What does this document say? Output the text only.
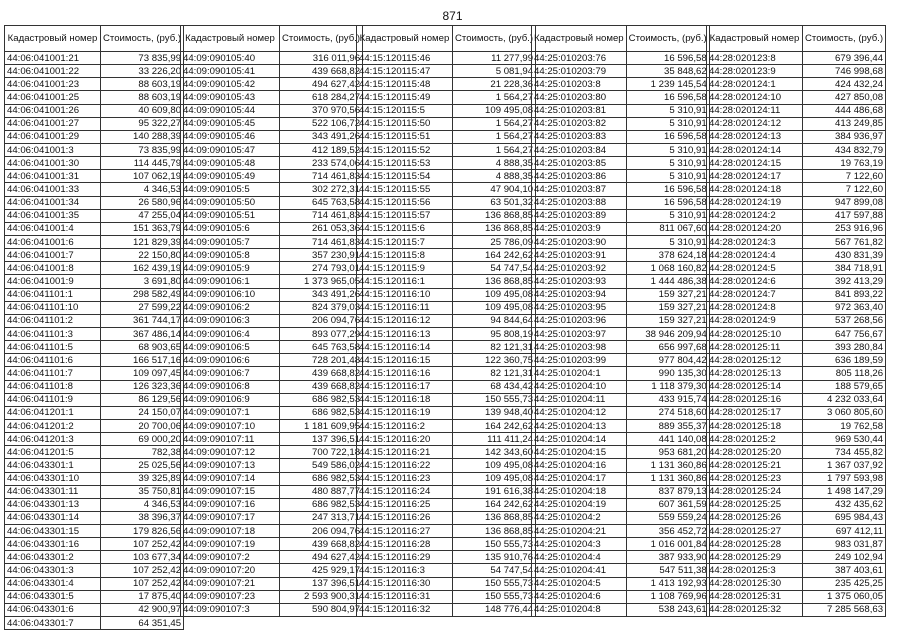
871
Кадастровый номер	Стоимость, (руб.)
44:06:041001:21	73 835,99
44:06:041001:22	33 226,20
44:06:041001:23	88 603,19
44:06:041001:25	88 603,19
44:06:041001:26	40 609,80
44:06:041001:27	95 322,27
44:06:041001:29	140 288,39
44:06:041001:3	73 835,99
44:06:041001:30	114 445,79
44:06:041001:31	107 062,19
44:06:041001:33	4 346,53
44:06:041001:34	26 580,96
44:06:041001:35	47 255,04
44:06:041001:4	151 363,79
44:06:041001:6	121 829,39
44:06:041001:7	22 150,80
44:06:041001:8	162 439,19
44:06:041001:9	3 691,80
44:06:041101:1	298 582,49
44:06:041101:10	27 599,22
44:06:041101:2	361 744,17
44:06:041101:3	367 486,14
44:06:041101:5	68 903,65
44:06:041101:6	166 517,16
44:06:041101:7	109 097,45
44:06:041101:8	126 323,36
44:06:041101:9	86 129,56
44:06:041201:1	24 150,07
44:06:041201:2	20 700,06
44:06:041201:3	69 000,20
44:06:041201:5	782,38
44:06:043301:1	25 025,56
44:06:043301:10	39 325,89
44:06:043301:11	35 750,81
44:06:043301:13	4 346,53
44:06:043301:14	38 396,37
44:06:043301:15	179 826,56
44:06:043301:16	107 252,42
44:06:043301:2	103 677,34
44:06:043301:3	107 252,42
44:06:043301:4	107 252,42
44:06:043301:5	17 875,40
44:06:043301:6	42 900,97
44:06:043301:7	64 351,45
Кадастровый номер	Стоимость, (руб.)
44:09:090105:40	316 011,96
44:09:090105:41	439 668,82
44:09:090105:42	494 627,42
44:09:090105:43	618 284,27
44:09:090105:44	370 970,56
44:09:090105:45	522 106,72
44:09:090105:46	343 491,26
44:09:090105:47	412 189,52
44:09:090105:48	233 574,06
44:09:090105:49	714 461,83
44:09:090105:5	302 272,31
44:09:090105:50	645 763,58
44:09:090105:51	714 461,83
44:09:090105:6	261 053,36
44:09:090105:7	714 461,83
44:09:090105:8	357 230,91
44:09:090105:9	274 793,01
44:09:090106:1	1 373 965,05
44:09:090106:10	343 491,26
44:09:090106:2	824 379,03
44:09:090106:3	206 094,76
44:09:090106:4	893 077,29
44:09:090106:5	645 763,58
44:09:090106:6	728 201,48
44:09:090106:7	439 668,82
44:09:090106:8	439 668,82
44:09:090106:9	686 982,53
44:09:090107:1	686 982,53
44:09:090107:10	1 181 609,95
44:09:090107:11	137 396,51
44:09:090107:12	700 722,18
44:09:090107:13	549 586,02
44:09:090107:14	686 982,53
44:09:090107:15	480 887,77
44:09:090107:16	686 982,53
44:09:090107:17	247 313,71
44:09:090107:18	206 094,76
44:09:090107:19	439 668,82
44:09:090107:2	494 627,42
44:09:090107:20	425 929,17
44:09:090107:21	137 396,51
44:09:090107:23	2 593 900,31
44:09:090107:3	590 804,97
Кадастровый номер	Стоимость, (руб.)
44:15:120115:46	11 277,99
44:15:120115:47	5 081,94
44:15:120115:48	21 228,36
44:15:120115:49	1 564,27
44:15:120115:5	109 495,08
44:15:120115:50	1 564,27
44:15:120115:51	1 564,27
44:15:120115:52	1 564,27
44:15:120115:53	4 888,35
44:15:120115:54	4 888,35
44:15:120115:55	47 904,10
44:15:120115:56	63 501,32
44:15:120115:57	136 868,85
44:15:120115:6	136 868,85
44:15:120115:7	25 786,09
44:15:120115:8	164 242,62
44:15:120115:9	54 747,54
44:15:120116:1	136 868,85
44:15:120116:10	109 495,08
44:15:120116:11	109 495,08
44:15:120116:12	94 844,64
44:15:120116:13	95 808,19
44:15:120116:14	82 121,31
44:15:120116:15	122 360,75
44:15:120116:16	82 121,31
44:15:120116:17	68 434,42
44:15:120116:18	150 555,73
44:15:120116:19	139 948,40
44:15:120116:2	164 242,62
44:15:120116:20	111 411,24
44:15:120116:21	142 343,60
44:15:120116:22	109 495,08
44:15:120116:23	109 495,08
44:15:120116:24	191 616,38
44:15:120116:25	164 242,62
44:15:120116:26	136 868,85
44:15:120116:27	136 868,85
44:15:120116:28	150 555,73
44:15:120116:29	135 910,76
44:15:120116:3	54 747,54
44:15:120116:30	150 555,73
44:15:120116:31	150 555,73
44:15:120116:32	148 776,44
Кадастровый номер	Стоимость, (руб.)
44:25:010203:76	16 596,58
44:25:010203:79	35 848,62
44:25:010203:8	1 239 145,54
44:25:010203:80	16 596,58
44:25:010203:81	5 310,91
44:25:010203:82	5 310,91
44:25:010203:83	16 596,58
44:25:010203:84	5 310,91
44:25:010203:85	5 310,91
44:25:010203:86	5 310,91
44:25:010203:87	16 596,58
44:25:010203:88	16 596,58
44:25:010203:89	5 310,91
44:25:010203:9	811 067,60
44:25:010203:90	5 310,91
44:25:010203:91	378 624,18
44:25:010203:92	1 068 160,82
44:25:010203:93	1 444 486,38
44:25:010203:94	159 327,21
44:25:010203:95	159 327,21
44:25:010203:96	159 327,21
44:25:010203:97	38 946 209,94
44:25:010203:98	656 997,68
44:25:010203:99	977 804,42
44:25:010204:1	990 135,30
44:25:010204:10	1 118 379,30
44:25:010204:11	433 915,74
44:25:010204:12	274 518,60
44:25:010204:13	889 355,37
44:25:010204:14	441 140,08
44:25:010204:15	953 681,20
44:25:010204:16	1 131 360,86
44:25:010204:17	1 131 360,86
44:25:010204:18	837 879,13
44:25:010204:19	607 361,59
44:25:010204:2	559 559,24
44:25:010204:21	356 452,72
44:25:010204:3	1 016 001,84
44:25:010204:4	387 933,90
44:25:010204:41	547 511,38
44:25:010204:5	1 413 192,93
44:25:010204:6	1 108 769,96
44:25:010204:8	538 243,61
Кадастровый номер	Стоимость, (руб.)
44:28:020123:8	679 396,44
44:28:020123:9	746 998,68
44:28:020124:1	424 432,24
44:28:020124:10	427 850,08
44:28:020124:11	444 486,68
44:28:020124:12	413 249,85
44:28:020124:13	384 936,97
44:28:020124:14	434 832,79
44:28:020124:15	19 763,19
44:28:020124:17	7 122,60
44:28:020124:18	7 122,60
44:28:020124:19	947 899,08
44:28:020124:2	417 597,88
44:28:020124:20	253 916,96
44:28:020124:3	567 761,82
44:28:020124:4	430 831,39
44:28:020124:5	384 718,91
44:28:020124:6	392 413,29
44:28:020124:7	841 893,22
44:28:020124:8	972 363,40
44:28:020124:9	537 268,56
44:28:020125:10	647 756,67
44:28:020125:11	393 280,84
44:28:020125:12	636 189,59
44:28:020125:13	805 118,26
44:28:020125:14	188 579,65
44:28:020125:16	4 232 033,64
44:28:020125:17	3 060 805,60
44:28:020125:18	19 762,58
44:28:020125:2	969 530,44
44:28:020125:20	734 455,82
44:28:020125:21	1 367 037,92
44:28:020125:23	1 797 593,98
44:28:020125:24	1 498 147,29
44:28:020125:25	432 435,62
44:28:020125:26	695 984,43
44:28:020125:27	697 412,11
44:28:020125:28	983 031,87
44:28:020125:29	249 102,94
44:28:020125:3	387 403,61
44:28:020125:30	235 425,25
44:28:020125:31	1 375 060,05
44:28:020125:32	7 285 568,63
